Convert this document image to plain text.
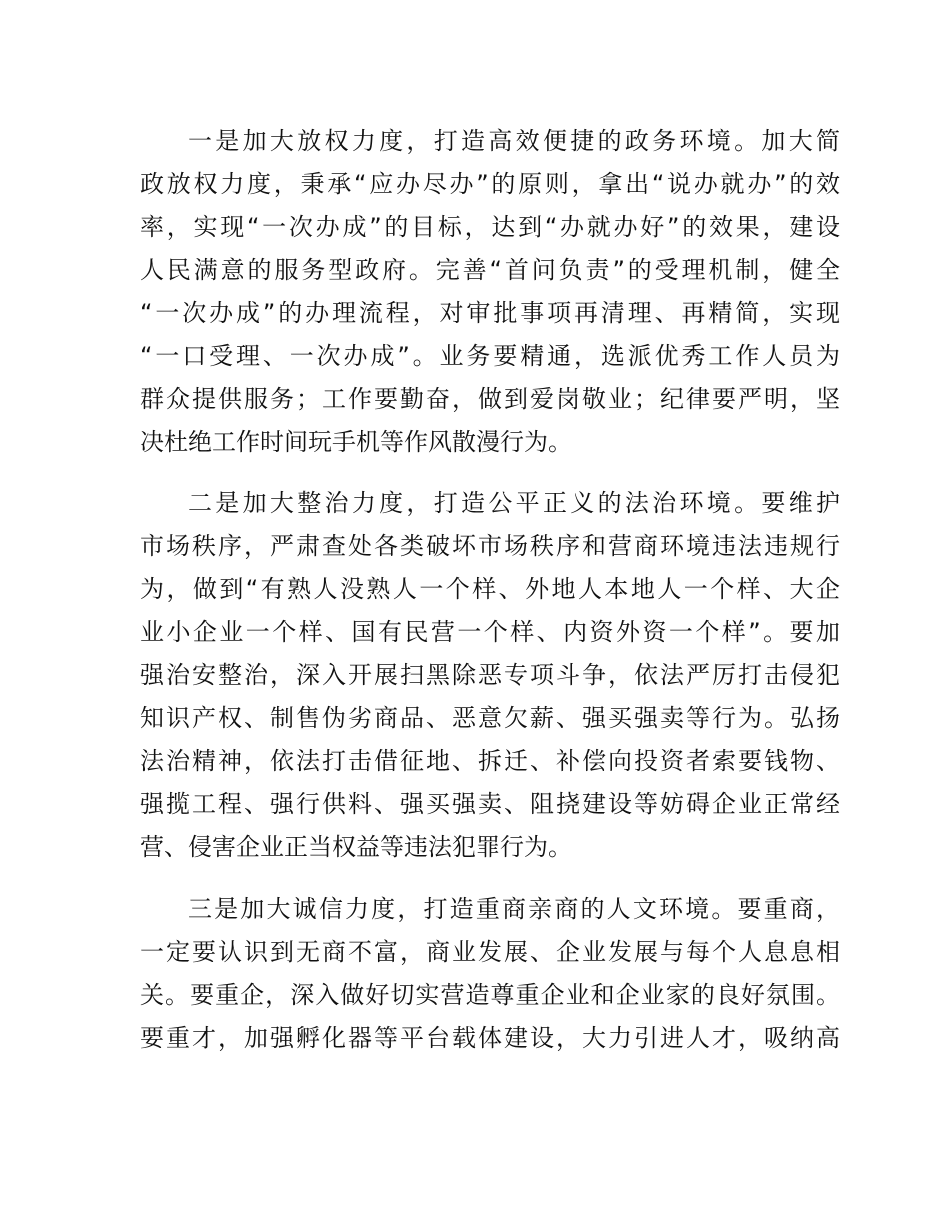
一是加大放权力度，打造高效便捷的政务环境。加大简
政放权力度，秉承“应办尽办”的原则，拿出“说办就办”的效
率，实现“一次办成”的目标，达到“办就办好”的效果，建设
人民满意的服务型政府。完善“首问负责”的受理机制，健全
“一次办成”的办理流程，对审批事项再清理、再精简，实现
“一口受理、一次办成”。业务要精通，选派优秀工作人员为
群众提供服务；工作要勤奋，做到爱岗敬业；纪律要严明，坚
决杜绝工作时间玩手机等作风散漫行为。

二是加大整治力度，打造公平正义的法治环境。要维护
市场秩序，严肃查处各类破坏市场秩序和营商环境违法违规行
为，做到“有熟人没熟人一个样、外地人本地人一个样、大企
业小企业一个样、国有民营一个样、内资外资一个样”。要加
强治安整治，深入开展扫黑除恶专项斗争，依法严厉打击侵犯
知识产权、制售伪劣商品、恶意欠薪、强买强卖等行为。弘扬
法治精神，依法打击借征地、拆迁、补偿向投资者索要钱物、
强揽工程、强行供料、强买强卖、阻挠建设等妨碍企业正常经
营、侵害企业正当权益等违法犯罪行为。

三是加大诚信力度，打造重商亲商的人文环境。要重商，
一定要认识到无商不富，商业发展、企业发展与每个人息息相
关。要重企，深入做好切实营造尊重企业和企业家的良好氛围。
要重才，加强孵化器等平台载体建设，大力引进人才，吸纳高
